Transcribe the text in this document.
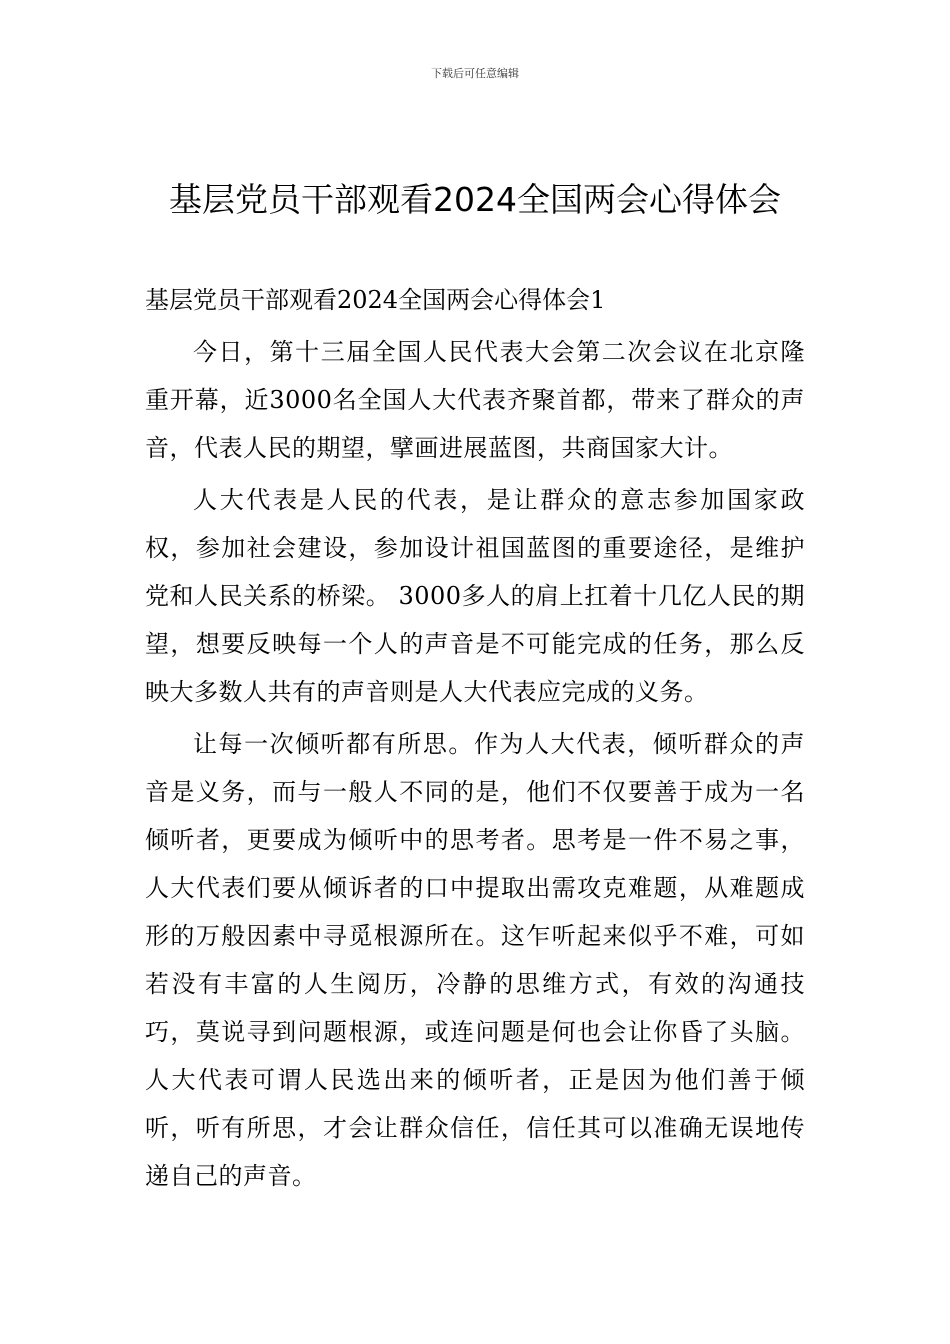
下载后可任意编辑
基层党员干部观看2024全国两会心得体会

基层党员干部观看2024全国两会心得体会1

今日，第十三届全国人民代表大会第二次会议在北京隆重开幕，近3000名全国人大代表齐聚首都，带来了群众的声音，代表人民的期望，擘画进展蓝图，共商国家大计。

人大代表是人民的代表，是让群众的意志参加国家政权，参加社会建设，参加设计祖国蓝图的重要途径，是维护党和人民关系的桥梁。 3000多人的肩上扛着十几亿人民的期望，想要反映每一个人的声音是不可能完成的任务，那么反映大多数人共有的声音则是人大代表应完成的义务。

让每一次倾听都有所思。作为人大代表，倾听群众的声音是义务，而与一般人不同的是，他们不仅要善于成为一名倾听者，更要成为倾听中的思考者。思考是一件不易之事，人大代表们要从倾诉者的口中提取出需攻克难题，从难题成形的万般因素中寻觅根源所在。这乍听起来似乎不难，可如若没有丰富的人生阅历，冷静的思维方式，有效的沟通技巧，莫说寻到问题根源，或连问题是何也会让你昏了头脑。人大代表可谓人民选出来的倾听者，正是因为他们善于倾听，听有所思，才会让群众信任，信任其可以准确无误地传递自己的声音。
